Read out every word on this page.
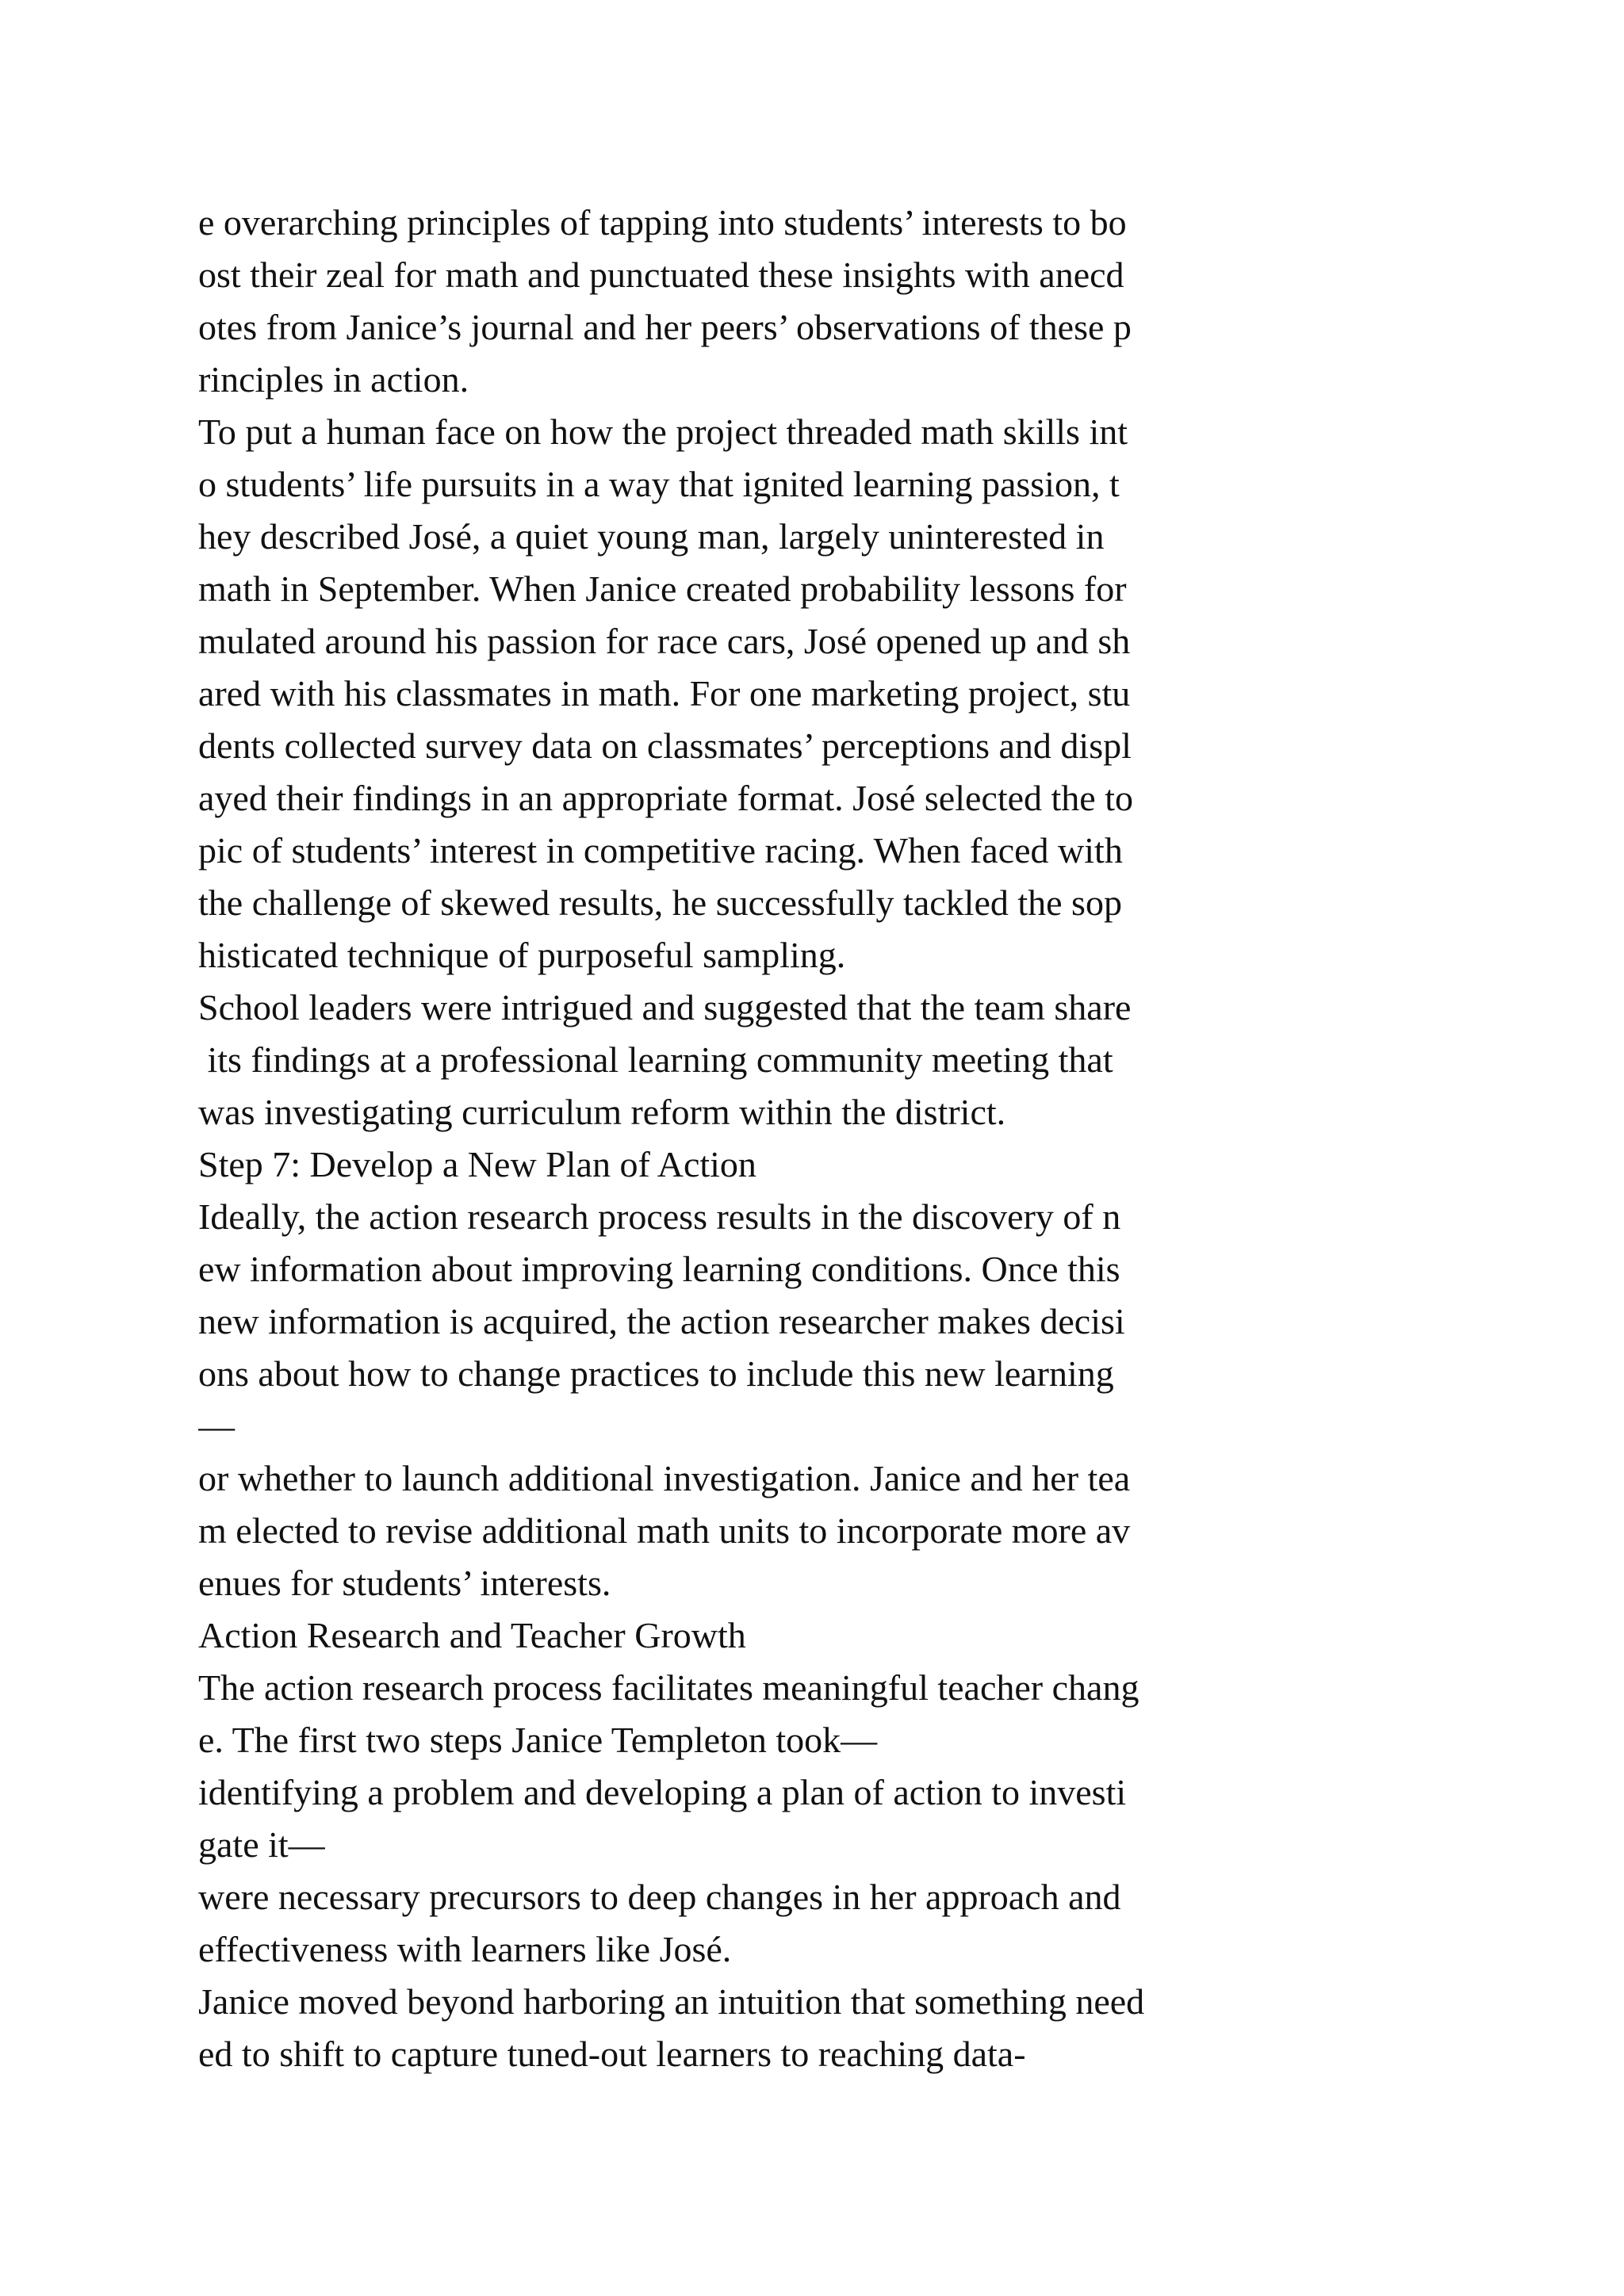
e overarching principles of tapping into students’ interests to bo
ost their zeal for math and punctuated these insights with anecd
otes from Janice’s journal and her peers’ observations of these p
rinciples in action.
To put a human face on how the project threaded math skills int
o students’ life pursuits in a way that ignited learning passion, t
hey described José, a quiet young man, largely uninterested in
math in September. When Janice created probability lessons for
mulated around his passion for race cars, José opened up and sh
ared with his classmates in math. For one marketing project, stu
dents collected survey data on classmates’ perceptions and displ
ayed their findings in an appropriate format. José selected the to
pic of students’ interest in competitive racing. When faced with
the challenge of skewed results, he successfully tackled the sop
histicated technique of purposeful sampling.
School leaders were intrigued and suggested that the team share
its findings at a professional learning community meeting that
was investigating curriculum reform within the district.
Step 7: Develop a New Plan of Action
Ideally, the action research process results in the discovery of n
ew information about improving learning conditions. Once this
new information is acquired, the action researcher makes decisi
ons about how to change practices to include this new learning
—
or whether to launch additional investigation. Janice and her tea
m elected to revise additional math units to incorporate more av
enues for students’ interests.
Action Research and Teacher Growth
The action research process facilitates meaningful teacher chang
e. The first two steps Janice Templeton took—
identifying a problem and developing a plan of action to investi
gate it—
were necessary precursors to deep changes in her approach and
effectiveness with learners like José.
Janice moved beyond harboring an intuition that something need
ed to shift to capture tuned-out learners to reaching data-
